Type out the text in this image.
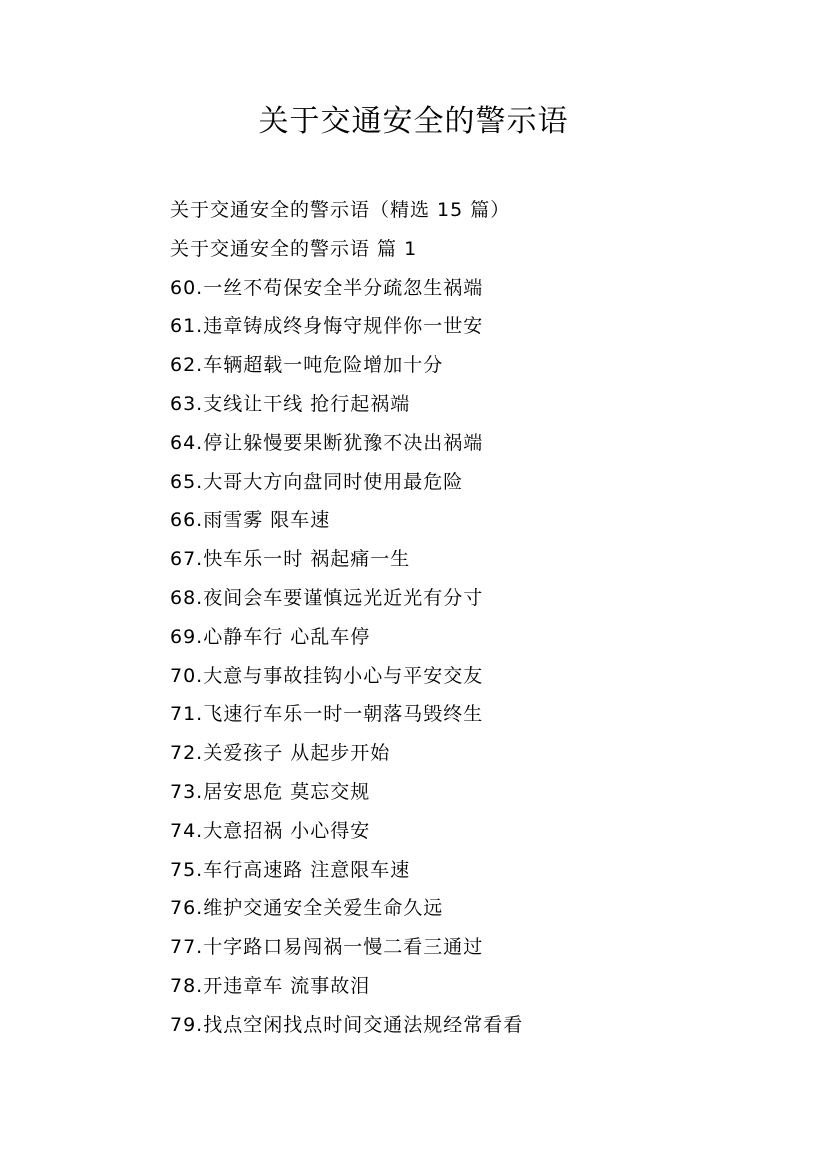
关于交通安全的警示语
关于交通安全的警示语（精选 15 篇）
关于交通安全的警示语 篇 1
60.一丝不苟保安全半分疏忽生祸端
61.违章铸成终身悔守规伴你一世安
62.车辆超载一吨危险增加十分
63.支线让干线 抢行起祸端
64.停让躲慢要果断犹豫不决出祸端
65.大哥大方向盘同时使用最危险
66.雨雪雾 限车速
67.快车乐一时 祸起痛一生
68.夜间会车要谨慎远光近光有分寸
69.心静车行 心乱车停
70.大意与事故挂钩小心与平安交友
71.飞速行车乐一时一朝落马毁终生
72.关爱孩子 从起步开始
73.居安思危 莫忘交规
74.大意招祸 小心得安
75.车行高速路 注意限车速
76.维护交通安全关爱生命久远
77.十字路口易闯祸一慢二看三通过
78.开违章车 流事故泪
79.找点空闲找点时间交通法规经常看看
